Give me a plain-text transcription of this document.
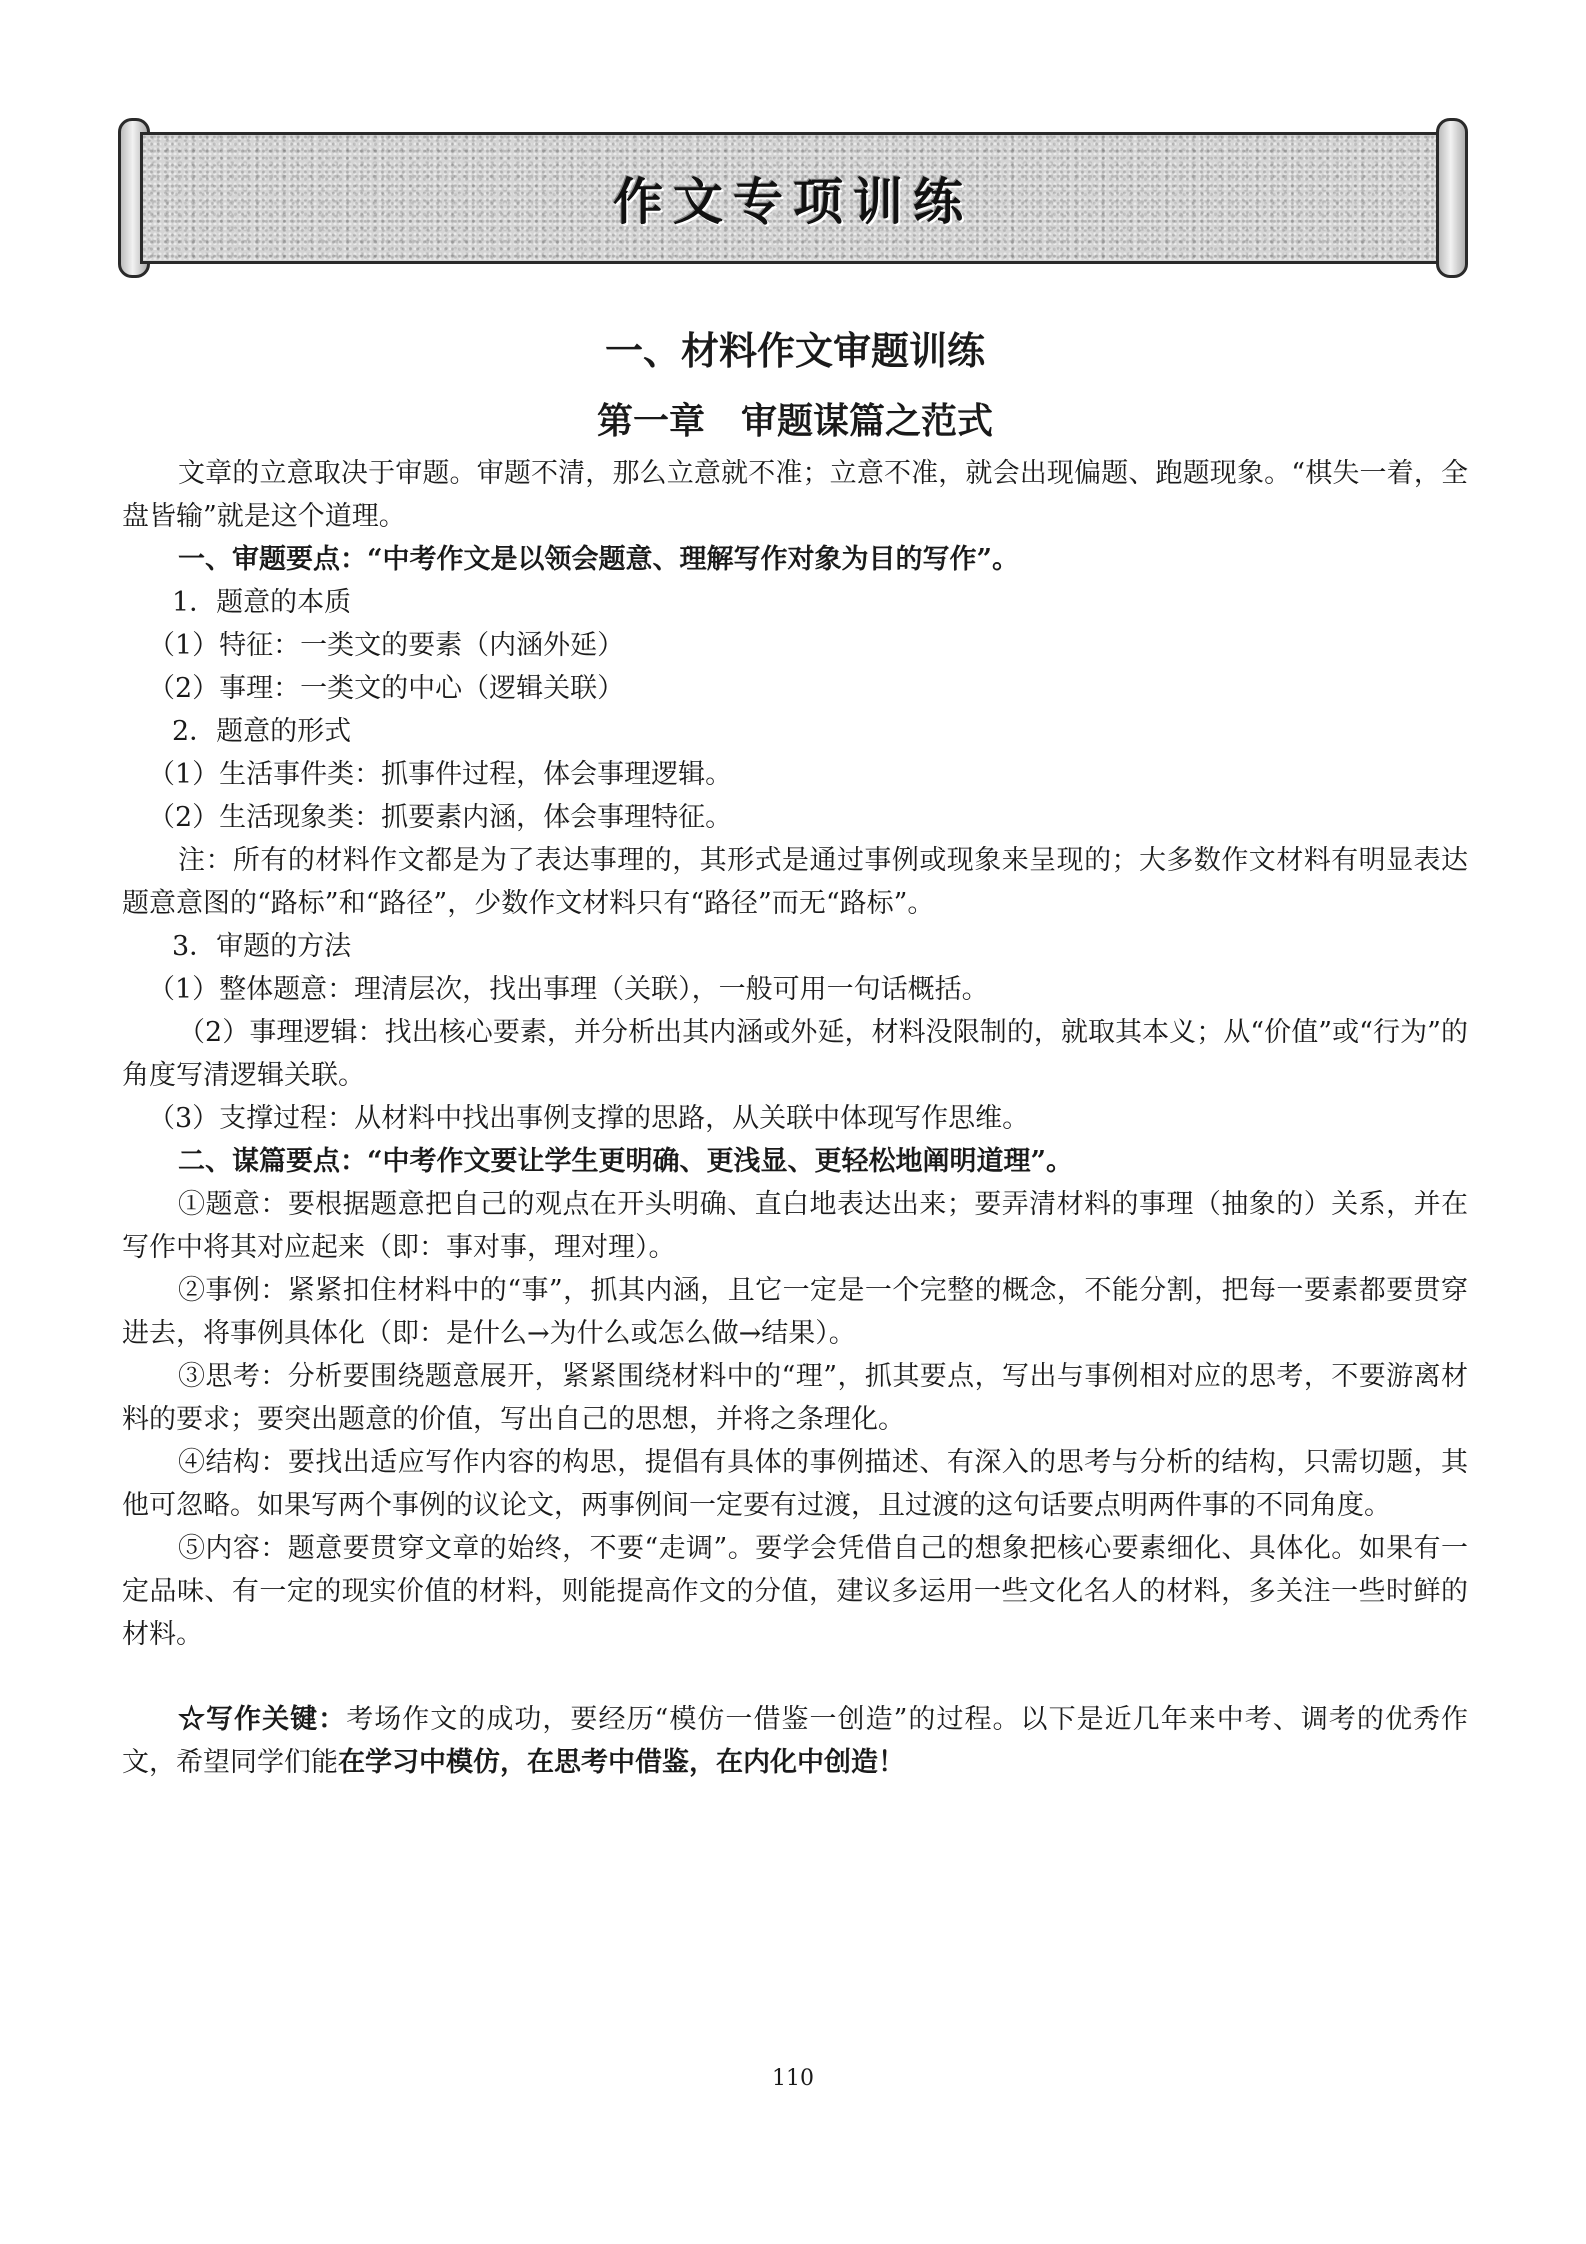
作文专项训练
一、材料作文审题训练
第一章　审题谋篇之范式

文章的立意取决于审题。审题不清，那么立意就不准；立意不准，就会出现偏题、跑题现象。“棋失一着，全盘皆输”就是这个道理。

一、审题要点：“中考作文是以领会题意、理解写作对象为目的写作”。

1．题意的本质

（1）特征：一类文的要素（内涵外延）

（2）事理：一类文的中心（逻辑关联）

2．题意的形式

（1）生活事件类：抓事件过程，体会事理逻辑。

（2）生活现象类：抓要素内涵，体会事理特征。

注：所有的材料作文都是为了表达事理的，其形式是通过事例或现象来呈现的；大多数作文材料有明显表达题意意图的“路标”和“路径”，少数作文材料只有“路径”而无“路标”。

3．审题的方法

（1）整体题意：理清层次，找出事理（关联），一般可用一句话概括。

（2）事理逻辑：找出核心要素，并分析出其内涵或外延，材料没限制的，就取其本义；从“价值”或“行为”的角度写清逻辑关联。

（3）支撑过程：从材料中找出事例支撑的思路，从关联中体现写作思维。

二、谋篇要点：“中考作文要让学生更明确、更浅显、更轻松地阐明道理”。

①题意：要根据题意把自己的观点在开头明确、直白地表达出来；要弄清材料的事理（抽象的）关系，并在写作中将其对应起来（即：事对事，理对理）。

②事例：紧紧扣住材料中的“事”，抓其内涵，且它一定是一个完整的概念，不能分割，把每一要素都要贯穿进去，将事例具体化（即：是什么→为什么或怎么做→结果）。

③思考：分析要围绕题意展开，紧紧围绕材料中的“理”，抓其要点，写出与事例相对应的思考，不要游离材料的要求；要突出题意的价值，写出自己的思想，并将之条理化。

④结构：要找出适应写作内容的构思，提倡有具体的事例描述、有深入的思考与分析的结构，只需切题，其他可忽略。如果写两个事例的议论文，两事例间一定要有过渡，且过渡的这句话要点明两件事的不同角度。

⑤内容：题意要贯穿文章的始终，不要“走调”。要学会凭借自己的想象把核心要素细化、具体化。如果有一定品味、有一定的现实价值的材料，则能提高作文的分值，建议多运用一些文化名人的材料，多关注一些时鲜的材料。

☆写作关键：考场作文的成功，要经历“模仿一借鉴一创造”的过程。以下是近几年来中考、调考的优秀作文，希望同学们能在学习中模仿，在思考中借鉴，在内化中创造！

110
